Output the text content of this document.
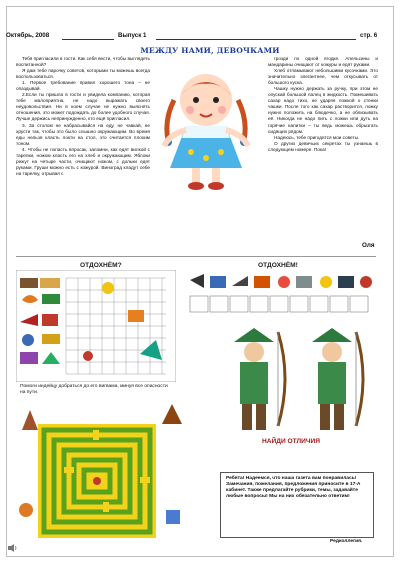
Октябрь, 2008	Выпуск 1	стр. 6
МЕЖДУ НАМИ, ДЕВОЧКАМИ

Тебя пригласили в гости. Как себя вести, чтобы выглядеть воспитанной?

Я дам тебе парочку советов, которыми ты можешь всегда воспользоваться.

1. Первое требование правил хорошего тона – не опаздывай.

2.Если ты пришла в гости и увидела компанию, которая тебе малоприятна, не надо выражать своего неудовольствия. Ни в коем случае не нужно выяснять отношения, это может подождать до более удобного случая. Лучше держись непринужденно, кто ещё пригласил.

3. За столом не набрасывайся на еду, не чавкай, не хрусти так, чтобы это было слышно окружающим. Во время еды нельзя класть локти на стол, это считается плохим тоном.

4. Чтобы не попасть впросак, запомни, как едят вилкой с тарелки, ножом класть его на хлеб и окружающим. Яблоки режут на четыре части, очищают ножом, с дольки едят руками. Груши можно есть с кожурой. Виноград кладут себе на тарелку, отрывая с

грозди по одной ягодке. Апельсины и мандарины очищают от кожуры и едят руками.

Хлеб отламывают небольшими кусочками. Это значительно элегантнее, чем откусывать от большого куска.

Чашку нужно держать за ручку, при этом не опускай большой палец в жидкость. Помешивать сахар надо тихо, не ударяя ложкой о стенки чашки. После того как сахар растворится, ложку нужно положить на блюдечко, а не облизывать её. Никогда не надо пить с ложки или дуть на горячие напитки – ты ведь можешь обрызгать сидящих рядом.

Надеюсь, тебе пригодятся мои советы.

О других девичьих секретах ты узнаешь в следующем номере. Пока!

Оля
ОТДОХНЁМ?	ОТДОХНЁМ!
Помоги индейцу добраться до его вигвама, минуя все опасности на пути.
НАЙДИ ОТЛИЧИЯ
Ребята! Надеемся, что наша газета вам понравилась! Замечания, пожелания, предложения приносите в 17-А кабинет. Также предлагайте рубрики, темы, задавайте любые вопросы! Мы на них обязательно ответим!
Редколлегия.
